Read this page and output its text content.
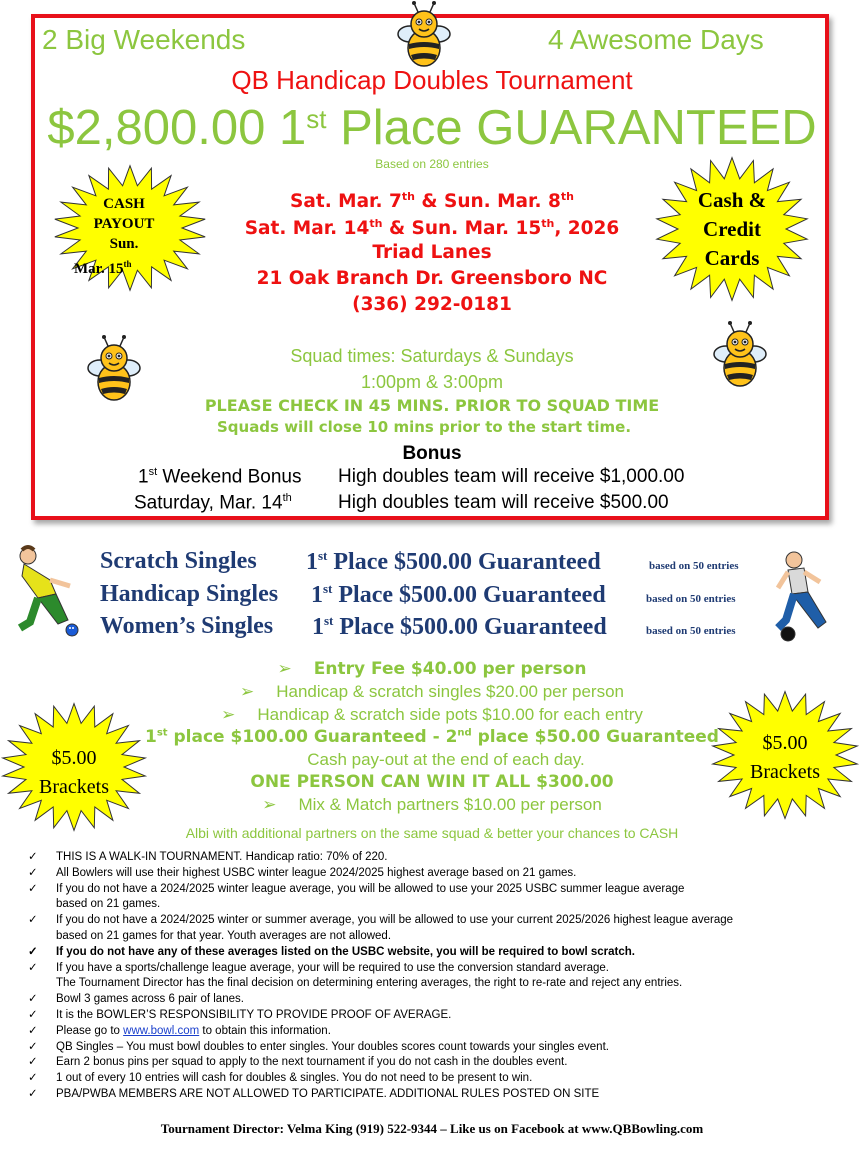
2 Big Weekends	4 Awesome Days
QB Handicap Doubles Tournament
$2,800.00 1st Place GUARANTEED
Based on 280 entries
CASH
PAYOUT
Sun.
Mar. 15th
Cash &
Credit
Cards
Sat. Mar. 7th & Sun. Mar. 8th
Sat. Mar. 14th & Sun. Mar. 15th, 2026
Triad Lanes
21 Oak Branch Dr. Greensboro NC
(336) 292-0181
Squad times: Saturdays & Sundays
1:00pm & 3:00pm
PLEASE CHECK IN 45 MINS. PRIOR TO SQUAD TIME
Squads will close 10 mins prior to the start time.
Bonus
1st Weekend Bonus High doubles team will receive $1,000.00
Saturday, Mar. 14th High doubles team will receive $500.00
Scratch Singles 1st Place $500.00 Guaranteed	based on 50 entries
Handicap Singles 1st Place $500.00 Guaranteed	based on 50 entries
Women’s Singles 1st Place $500.00 Guaranteed	based on 50 entries
➢ Entry Fee $40.00 per person
➢ Handicap & scratch singles $20.00 per person
➢ Handicap & scratch side pots $10.00 for each entry
1st place $100.00 Guaranteed - 2nd place $50.00 Guaranteed
Cash pay-out at the end of each day.
ONE PERSON CAN WIN IT ALL $300.00
➢ Mix & Match partners $10.00 per person
Albi with additional partners on the same squad & better your chances to CASH
$5.00
Brackets
$5.00
Brackets
✓ THIS IS A WALK-IN TOURNAMENT. Handicap ratio: 70% of 220.
✓ All Bowlers will use their highest USBC winter league 2024/2025 highest average based on 21 games.
✓ If you do not have a 2024/2025 winter league average, you will be allowed to use your 2025 USBC summer league average
based on 21 games.
✓ If you do not have a 2024/2025 winter or summer average, you will be allowed to use your current 2025/2026 highest league average
based on 21 games for that year. Youth averages are not allowed.
✓ If you do not have any of these averages listed on the USBC website, you will be required to bowl scratch.
✓ If you have a sports/challenge league average, your will be required to use the conversion standard average.
The Tournament Director has the final decision on determining entering averages, the right to re-rate and reject any entries.
✓ Bowl 3 games across 6 pair of lanes.
✓ It is the BOWLER’S RESPONSIBILITY TO PROVIDE PROOF OF AVERAGE.
✓ Please go to www.bowl.com to obtain this information.
✓ QB Singles – You must bowl doubles to enter singles. Your doubles scores count towards your singles event.
✓ Earn 2 bonus pins per squad to apply to the next tournament if you do not cash in the doubles event.
✓ 1 out of every 10 entries will cash for doubles & singles. You do not need to be present to win.
✓ PBA/PWBA MEMBERS ARE NOT ALLOWED TO PARTICIPATE. ADDITIONAL RULES POSTED ON SITE
Tournament Director: Velma King (919) 522-9344 – Like us on Facebook at www.QBBowling.com
